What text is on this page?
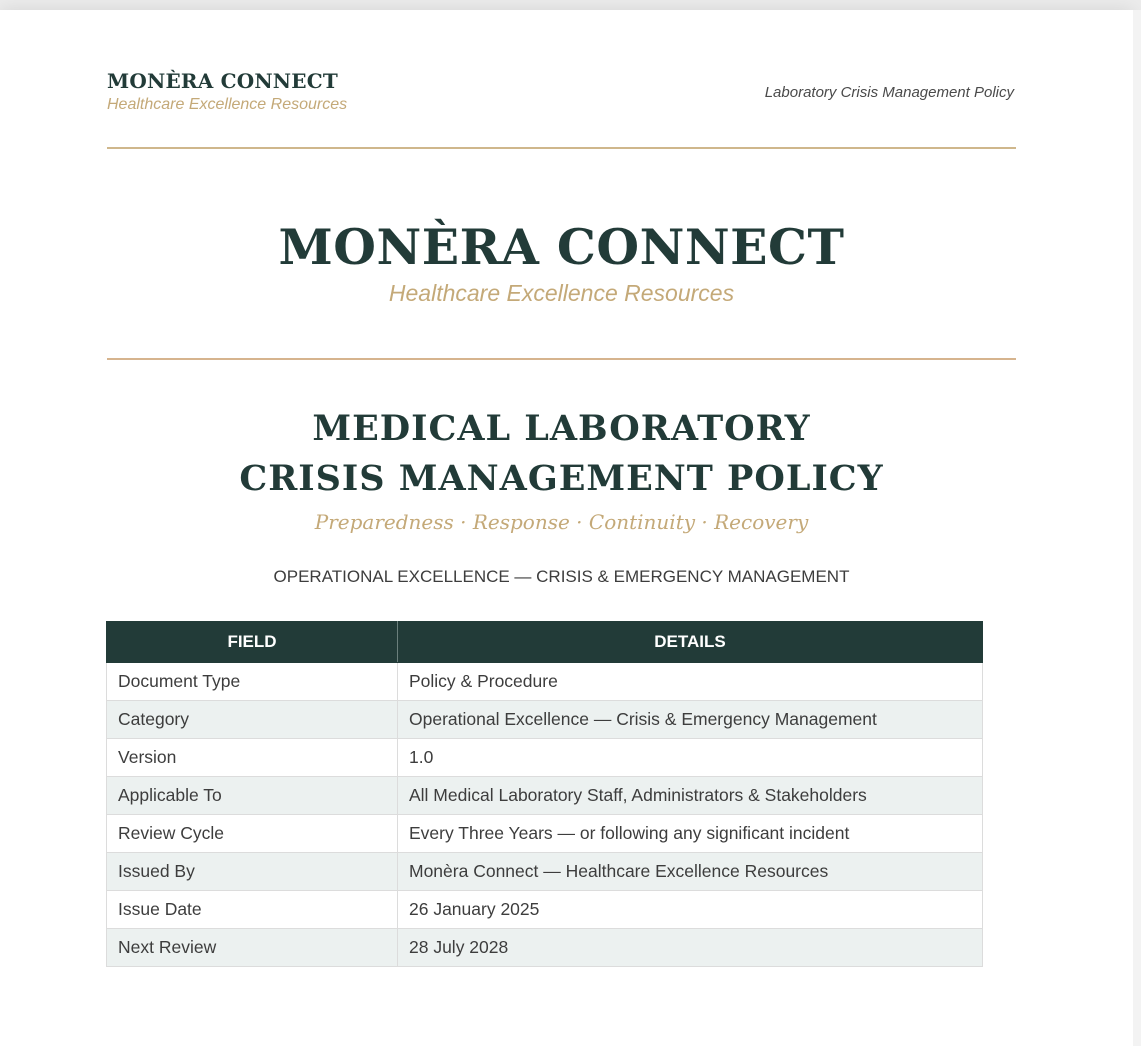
MONÈRA CONNECT
Healthcare Excellence Resources
Laboratory Crisis Management Policy
MONÈRA CONNECT
Healthcare Excellence Resources
MEDICAL LABORATORY
CRISIS MANAGEMENT POLICY
Preparedness · Response · Continuity · Recovery
OPERATIONAL EXCELLENCE — CRISIS & EMERGENCY MANAGEMENT
FIELD	DETAILS
Document Type	Policy & Procedure
Category	Operational Excellence — Crisis & Emergency Management
Version	1.0
Applicable To	All Medical Laboratory Staff, Administrators & Stakeholders
Review Cycle	Every Three Years — or following any significant incident
Issued By	Monèra Connect — Healthcare Excellence Resources
Issue Date	26 January 2025
Next Review	28 July 2028
